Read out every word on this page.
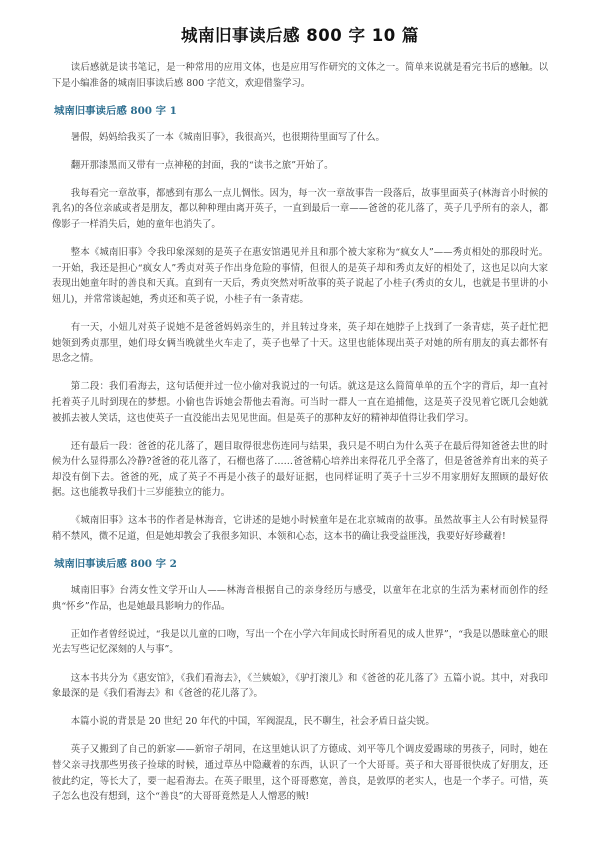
城南旧事读后感 800 字 10 篇

读后感就是读书笔记，是一种常用的应用文体，也是应用写作研究的文体之一。简单来说就是看完书后的感触。以下是小编准备的城南旧事读后感 800 字范文，欢迎借鉴学习。

城南旧事读后感 800 字 1

暑假，妈妈给我买了一本《城南旧事》，我很高兴，也很期待里面写了什么。

翻开那漆黑而又带有一点神秘的封面，我的“读书之旅”开始了。

我每看完一章故事，都感到有那么一点儿惆怅。因为，每一次一章故事告一段落后，故事里面英子(林海音小时候的乳名)的各位亲戚或者是朋友，都以种种理由离开英子，一直到最后一章——爸爸的花儿落了，英子几乎所有的亲人，都像影子一样消失后，她的童年也消失了。

整本《城南旧事》令我印象深刻的是英子在惠安馆遇见并且和那个被大家称为“疯女人”——秀贞相处的那段时光。一开始，我还是担心“疯女人”秀贞对英子作出身危险的事情，但很人的是英子却和秀贞友好的相处了，这也足以向大家表现出她童年时的善良和天真。直到有一天后，秀贞突然对听故事的英子说起了小桂子(秀贞的女儿，也就是书里讲的小妞儿)，并常常谈起她，秀贞还和英子说，小桂子有一条青痣。

有一天，小妞儿对英子说她不是爸爸妈妈亲生的，并且转过身来，英子却在她脖子上找到了一条青痣，英子赶忙把她领到秀贞那里，她们母女俩当晚就坐火车走了，英子也晕了十天。这里也能体现出英子对她的所有朋友的真去都怀有思念之情。

第二段：我们看海去，这句话便并过一位小偷对我说过的一句话。就这是这么简简单单的五个字的背后，却一直衬托着英子儿时到现在的梦想。小偷也告诉她会帮他去看海。可当时一群人一直在追捕他，这是英子没见着它既几会她就被抓去被人笑话，这也使英子一直没能出去见见世面。但是英子的那种友好的精神却值得让我们学习。

还有最后一段：爸爸的花儿落了，题目取得很悲伤连同与结果，我只是不明白为什么英子在最后得知爸爸去世的时候为什么显得那么冷静?爸爸的花儿落了，石榴也落了……爸爸精心培养出来得花几乎全落了，但是爸爸养育出来的英子却没有倒下去。爸爸的死，成了英子不再是小孩子的最好证据，也同样证明了英子十三岁不用家朋好友照顾的最好依据。这也能教导我们十三岁能独立的能力。

《城南旧事》这本书的作者是林海音，它讲述的是她小时候童年是在北京城南的故事。虽然故事主人公有时候显得稍不禁风，微不足道，但是她却教会了我很多知识、本领和心态，这本书的确让我受益匪浅，我要好好珍藏着!

城南旧事读后感 800 字 2

城南旧事》台湾女性文学开山人——林海音根据自己的亲身经历与感受，以童年在北京的生活为素材而创作的经典“怀乡”作品，也是她最具影响力的作品。

正如作者曾经说过，“我是以儿童的口吻，写出一个在小学六年间成长时所看见的成人世界”，“我是以愚昧童心的眼光去写些记忆深刻的人与事”。

这本书共分为《惠安馆》，《我们看海去》，《兰姨娘》，《驴打滚儿》和《爸爸的花儿落了》五篇小说。其中，对我印象最深的是《我们看海去》和《爸爸的花儿落了》。

本篇小说的背景是 20 世纪 20 年代的中国，军阀混乱，民不聊生，社会矛盾日益尖锐。

英子又搬到了自己的新家——新帘子胡同，在这里她认识了方德成、刘平等几个调皮爱踢球的男孩子，同时，她在替父亲寻找那些男孩子捡球的时候，通过草丛中隐藏着的东西，认识了一个大哥哥。英子和大哥哥很快成了好朋友，还彼此约定，等长大了，要一起看海去。在英子眼里，这个哥哥憨宽，善良，是敦厚的老实人，也是一个孝子。可惜，英子怎么也没有想到，这个“善良”的大哥哥竟然是人人憎恶的贼!
